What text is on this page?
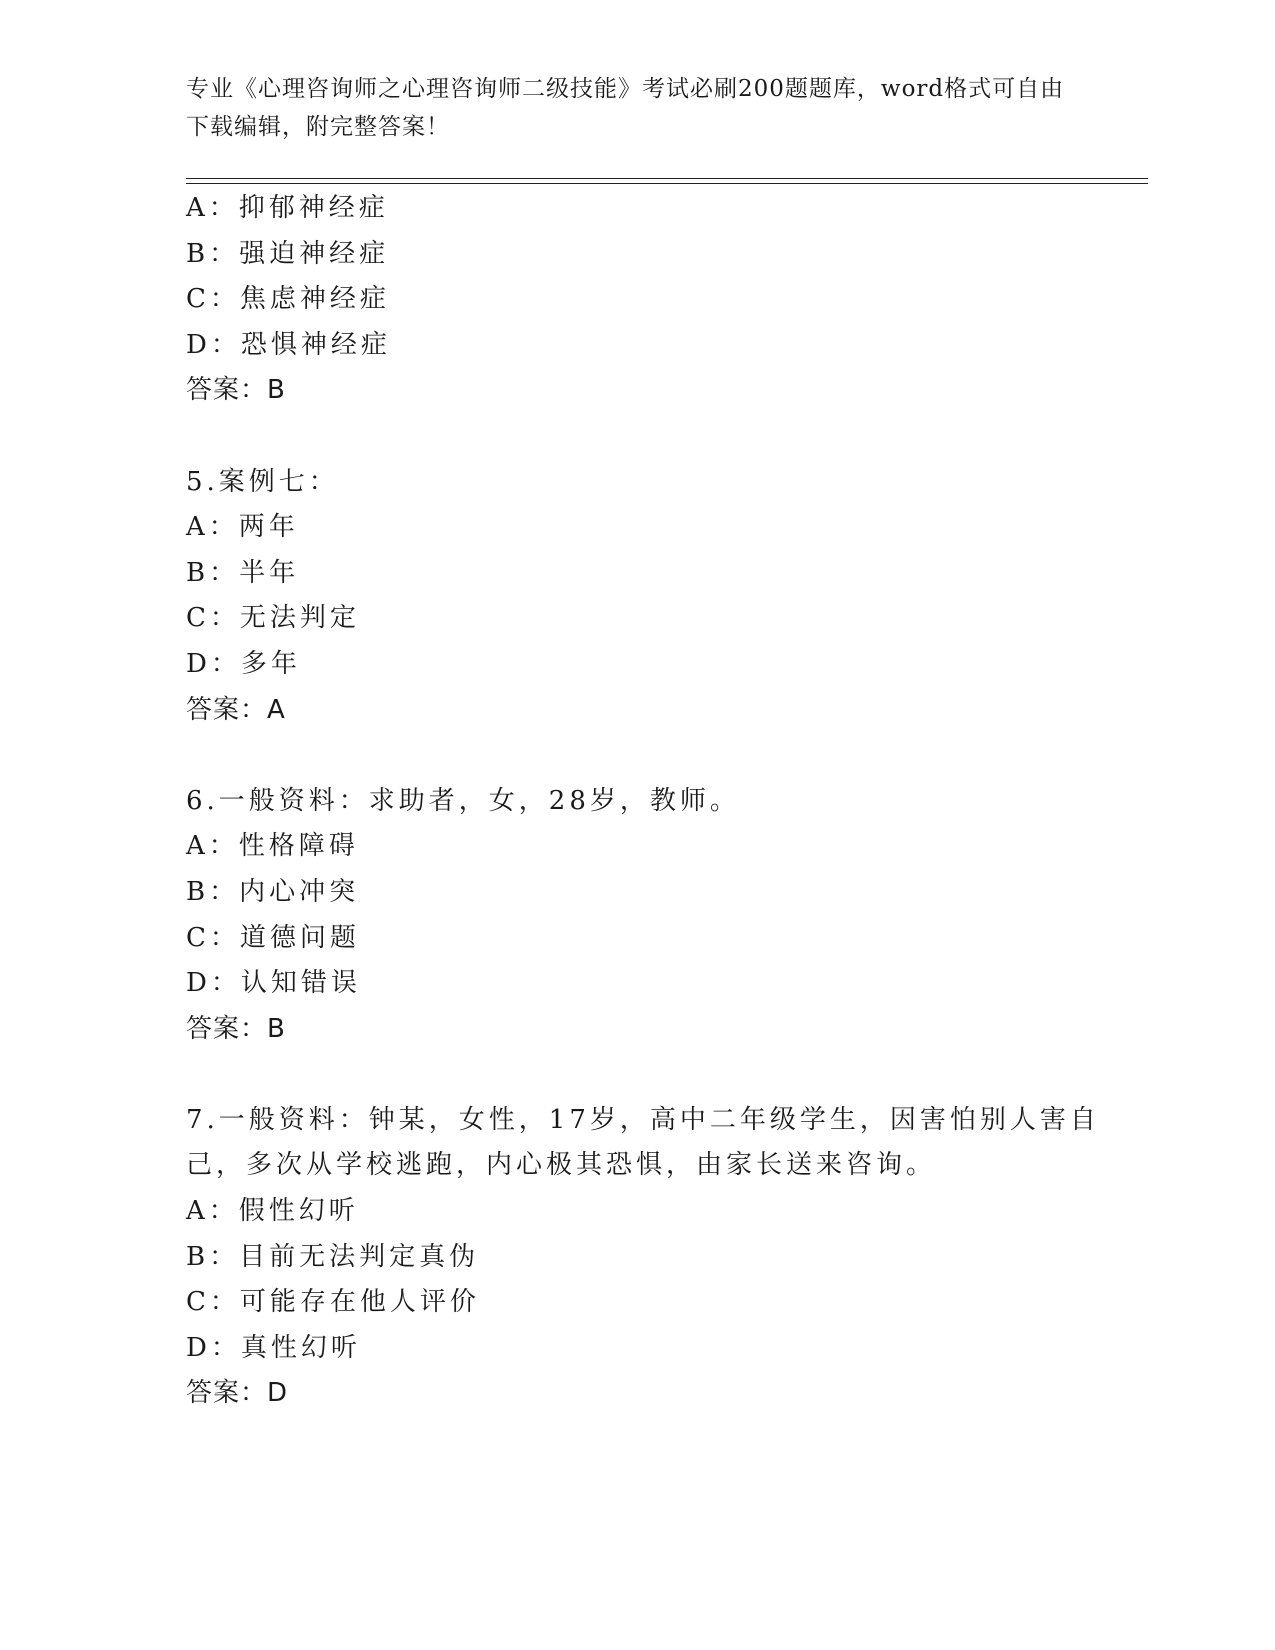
专业《心理咨询师之心理咨询师二级技能》考试必刷200题题库，word格式可自由下载编辑，附完整答案！
A：抑郁神经症
B：强迫神经症
C：焦虑神经症
D：恐惧神经症
答案：B
5.案例七：
A：两年
B：半年
C：无法判定
D：多年
答案：A
6.一般资料：求助者，女，28岁，教师。
A：性格障碍
B：内心冲突
C：道德问题
D：认知错误
答案：B
7.一般资料：钟某，女性，17岁，高中二年级学生，因害怕别人害自
己，多次从学校逃跑，内心极其恐惧，由家长送来咨询。
A：假性幻听
B：目前无法判定真伪
C：可能存在他人评价
D：真性幻听
答案：D
